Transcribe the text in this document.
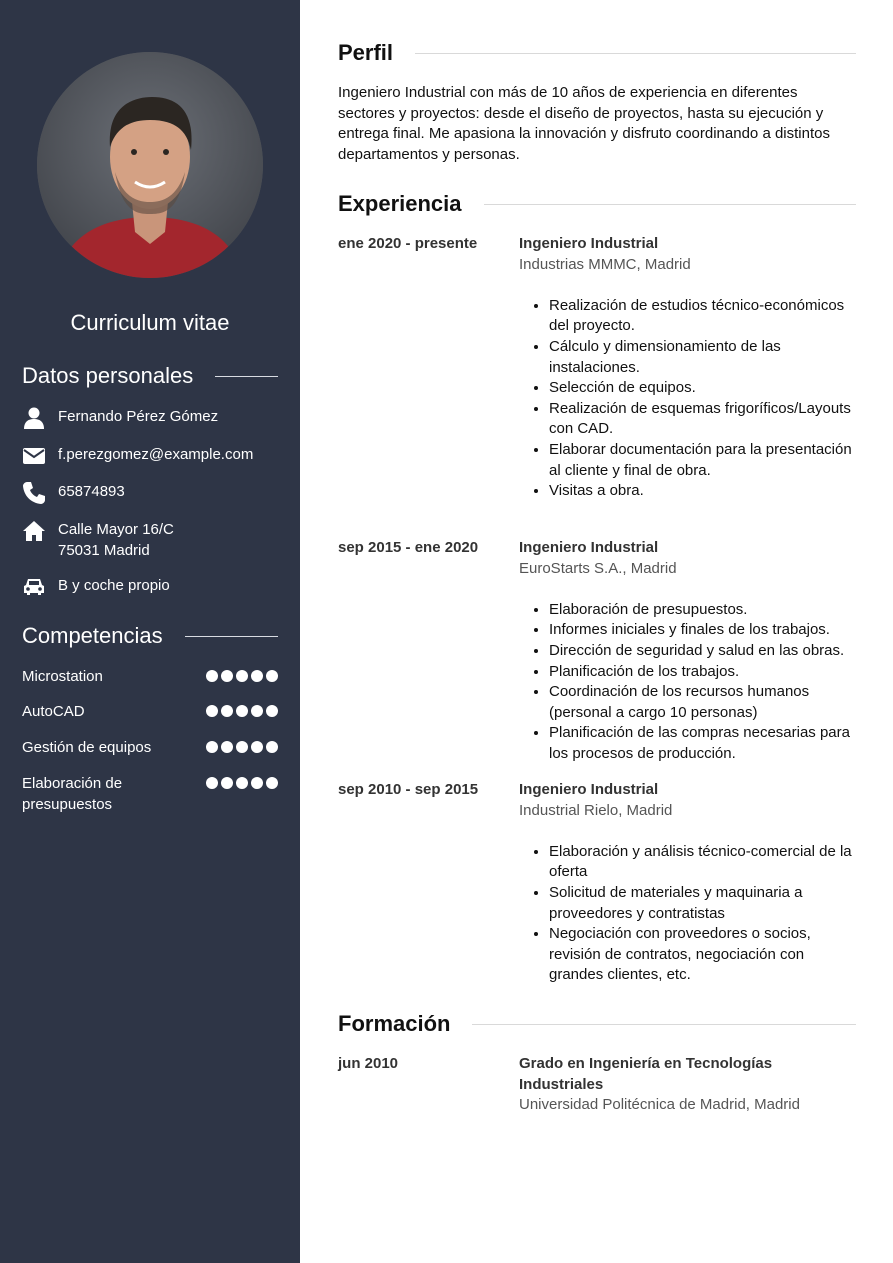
Curriculum vitae
Datos personales
Fernando Pérez Gómez
f.perezgomez@example.com
65874893
Calle Mayor 16/C
75031 Madrid
B y coche propio
Competencias
Microstation
AutoCAD
Gestión de equipos
Elaboración de
presupuestos
Perfil
Ingeniero Industrial con más de 10 años de experiencia en diferentes sectores y proyectos: desde el diseño de proyectos, hasta su ejecución y entrega final. Me apasiona la innovación y disfruto coordinando a distintos departamentos y personas.
Experiencia
ene 2020 - presente	Ingeniero Industrial
Industrias MMMC, Madrid
• Realización de estudios técnico-económicos del proyecto.
• Cálculo y dimensionamiento de las instalaciones.
• Selección de equipos.
• Realización de esquemas frigoríficos/Layouts con CAD.
• Elaborar documentación para la presentación al cliente y final de obra.
• Visitas a obra.
sep 2015 - ene 2020	Ingeniero Industrial
EuroStarts S.A., Madrid
• Elaboración de presupuestos.
• Informes iniciales y finales de los trabajos.
• Dirección de seguridad y salud en las obras.
• Planificación de los trabajos.
• Coordinación de los recursos humanos (personal a cargo 10 personas)
• Planificación de las compras necesarias para los procesos de producción.
sep 2010 - sep 2015	Ingeniero Industrial
Industrial Rielo, Madrid
• Elaboración y análisis técnico-comercial de la oferta
• Solicitud de materiales y maquinaria a proveedores y contratistas
• Negociación con proveedores o socios, revisión de contratos, negociación con grandes clientes, etc.
Formación
jun 2010	Grado en Ingeniería en Tecnologías Industriales
Universidad Politécnica de Madrid, Madrid
